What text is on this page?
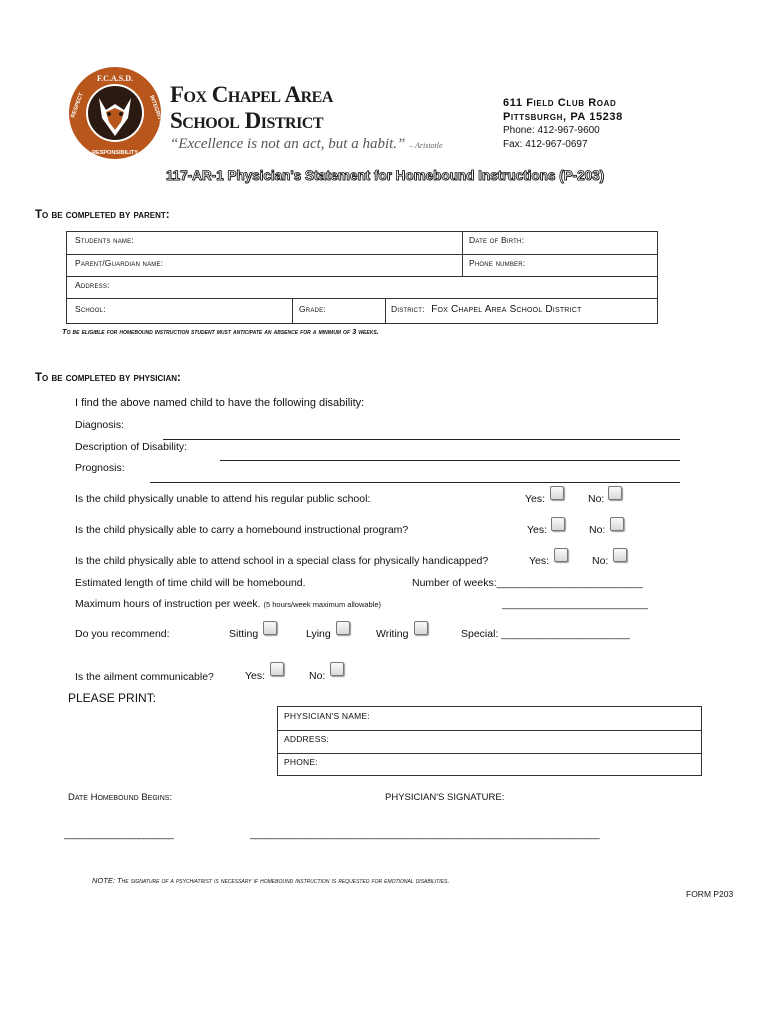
F.C.A.S.D.
RESPONSIBILITY
RESPECT	INTEGRITY
Fox Chapel Area
School District
“Excellence is not an act, but a habit.” – Aristotle
611 Field Club Road
Pittsburgh, PA 15238
Phone: 412-967-9600
Fax: 412-967-0697
117-AR-1 Physician's Statement for Homebound Instructions (P-203)
To be completed by parent:
Students name:	Date of Birth:
Parent/Guardian name:	Phone number:
Address:
School:	Grade:	District: Fox Chapel Area School District
To be eligible for homebound instruction student must anticipate an absence for a minimum of 3 weeks.
To be completed by physician:
I find the above named child to have the following disability:
Diagnosis:
Description of Disability:
Prognosis:
Is the child physically unable to attend his regular public school:	Yes:	No:
Is the child physically able to carry a homebound instructional program?	Yes:	No:
Is the child physically able to attend school in a special class for physically handicapped?	Yes:	No:
Estimated length of time child will be homebound.	Number of weeks:_________________________
Maximum hours of instruction per week. (5 hours/week maximum allowable)	_________________________
Do you recommend:	Sitting	Lying	Writing	Special: ______________________
Is the ailment communicable?	Yes:	No:
PLEASE PRINT:
PHYSICIAN'S NAME:
ADDRESS:
PHONE:
Date Homebound Begins:	PHYSICIAN'S SIGNATURE:
______________________	_____________________________________________________________________
NOTE: The signature of a psychiatrist is necessary if homebound instruction is requested for emotional disabilities.
FORM P203
